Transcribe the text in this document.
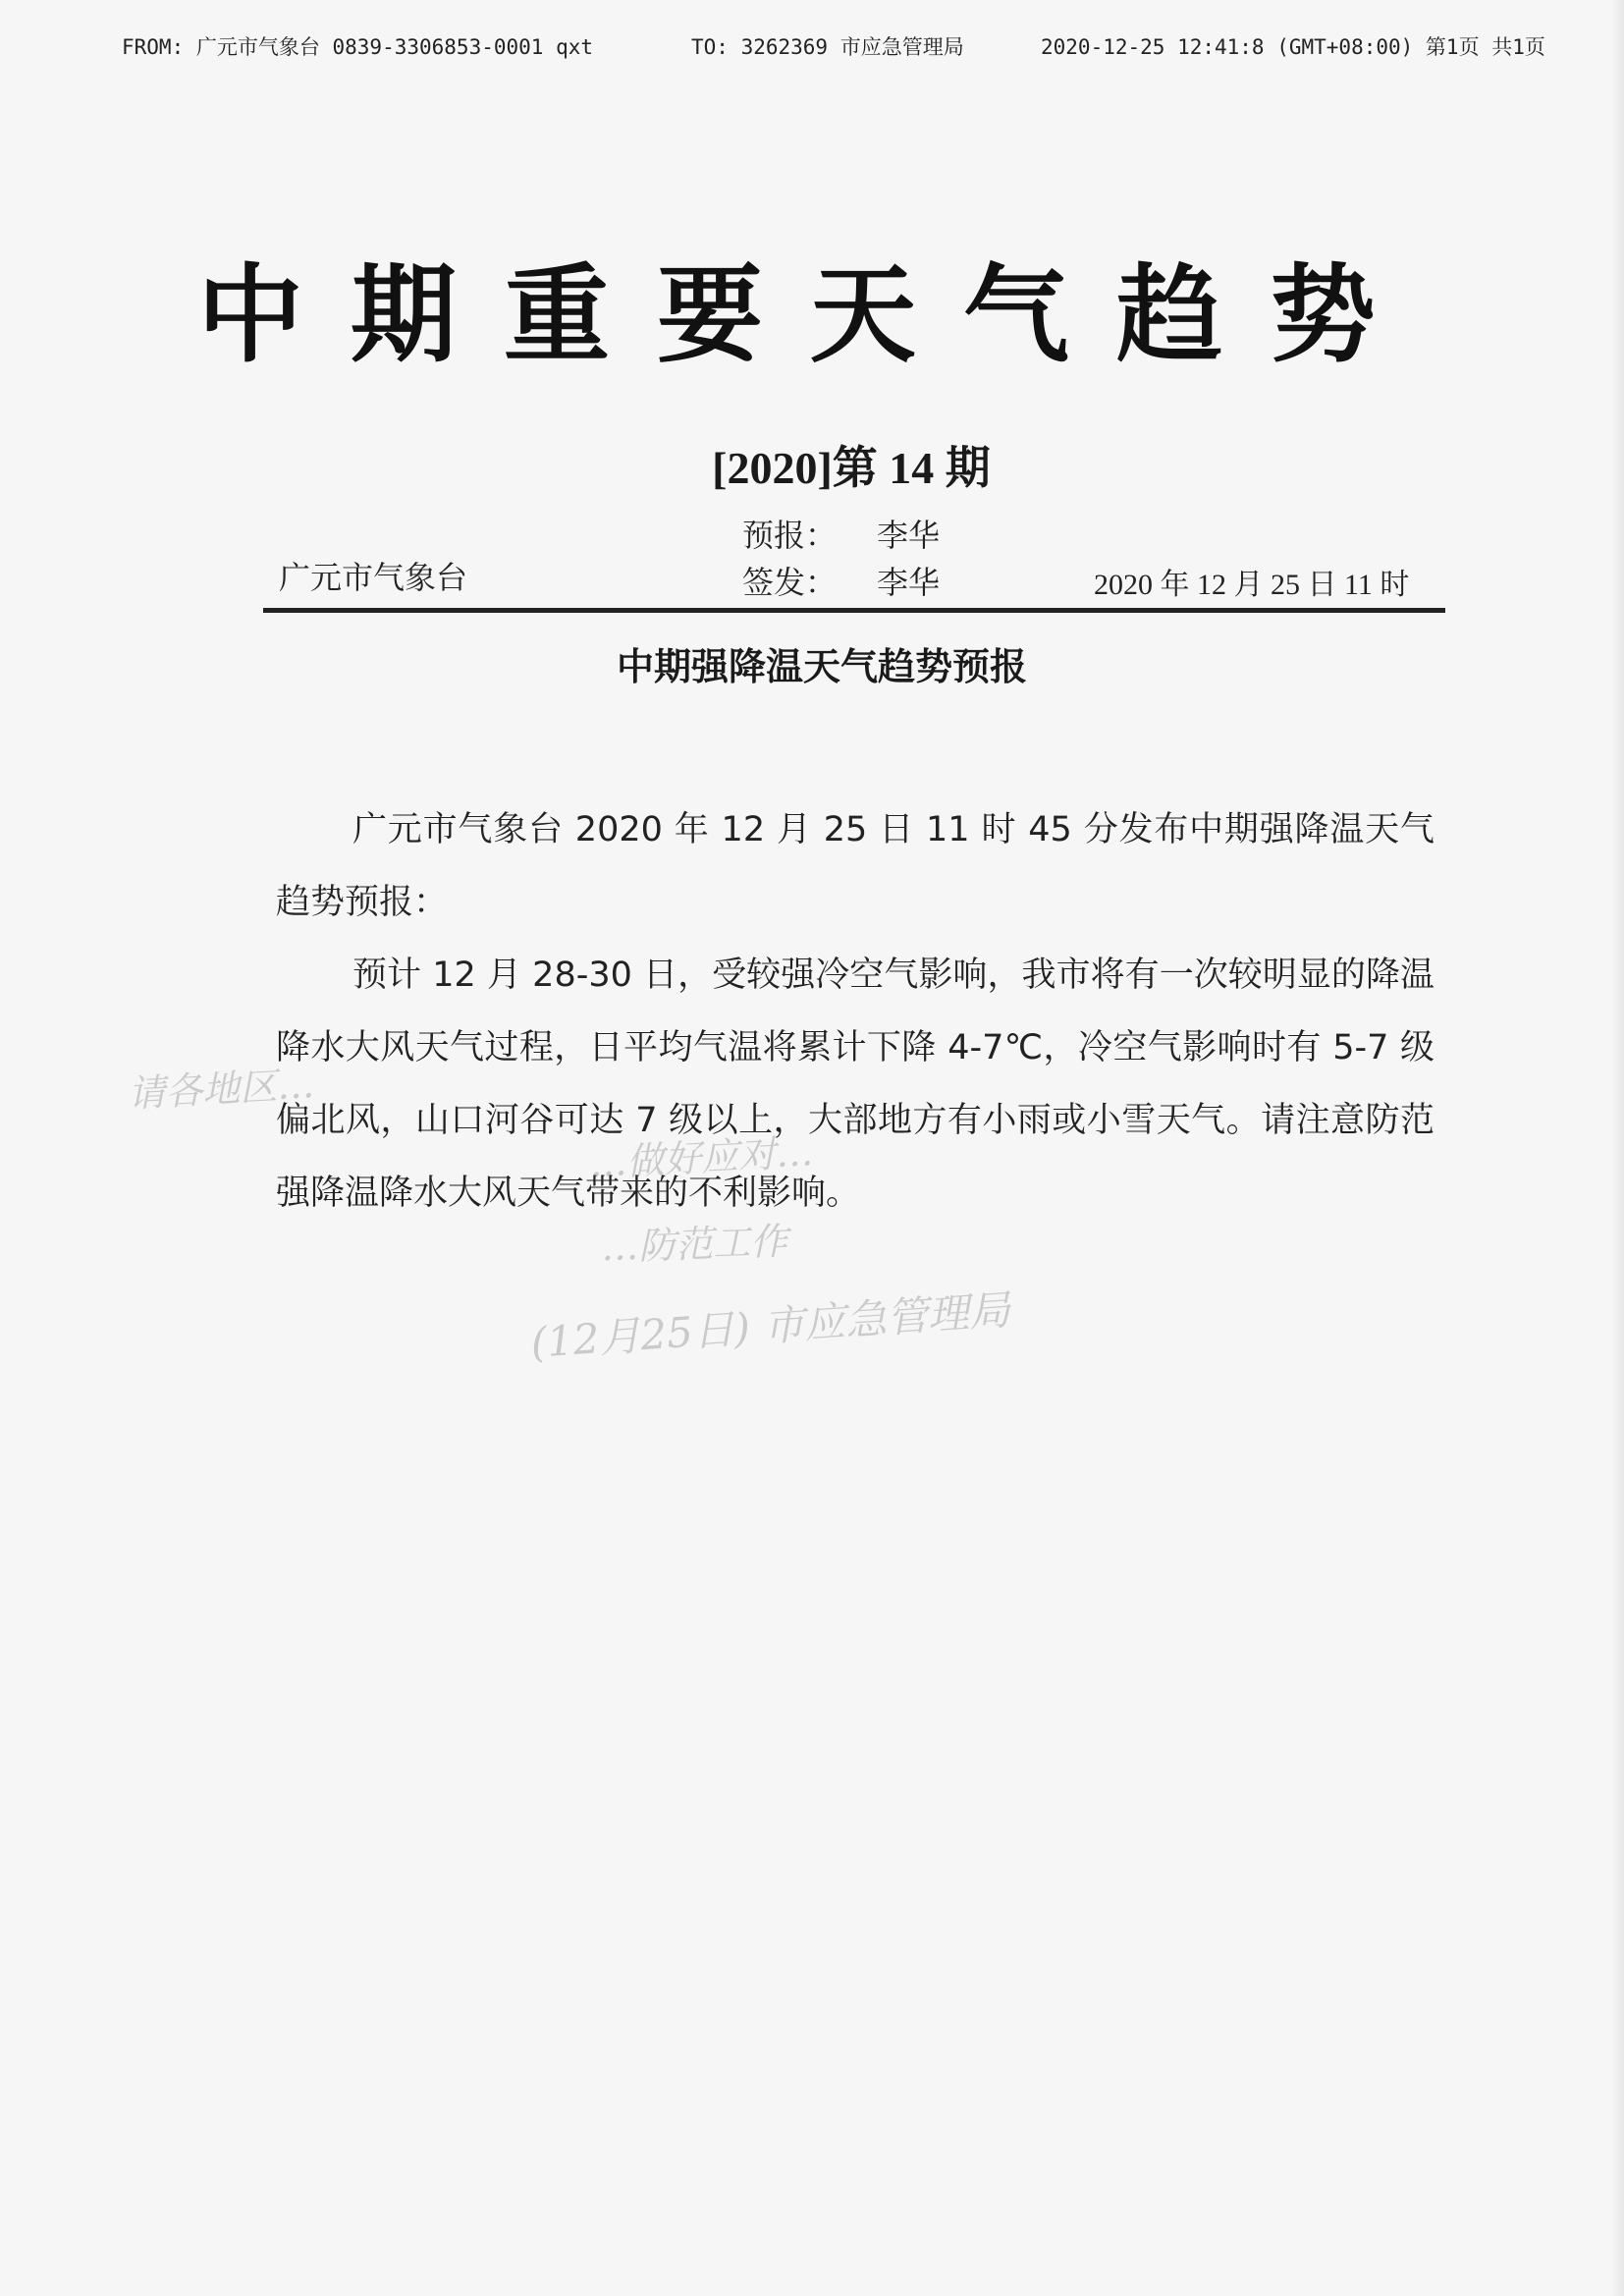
FROM: 广元市气象台 0839-3306853-0001 qxt	TO: 3262369 市应急管理局	2020-12-25 12:41:8 (GMT+08:00) 第1页 共1页
中期重要天气趋势
[2020]第 14 期
预报： 李华
签发： 李华
广元市气象台	2020 年 12 月 25 日 11 时
中期强降温天气趋势预报

广元市气象台 2020 年 12 月 25 日 11 时 45 分发布中期强降温天气趋势预报：

预计 12 月 28-30 日，受较强冷空气影响，我市将有一次较明显的降温降水大风天气过程，日平均气温将累计下降 4-7℃，冷空气影响时有 5-7 级偏北风，山口河谷可达 7 级以上，大部地方有小雨或小雪天气。请注意防范强降温降水大风天气带来的不利影响。

请各地区…
…做好应对…
…防范工作
(12月25日) 市应急管理局
